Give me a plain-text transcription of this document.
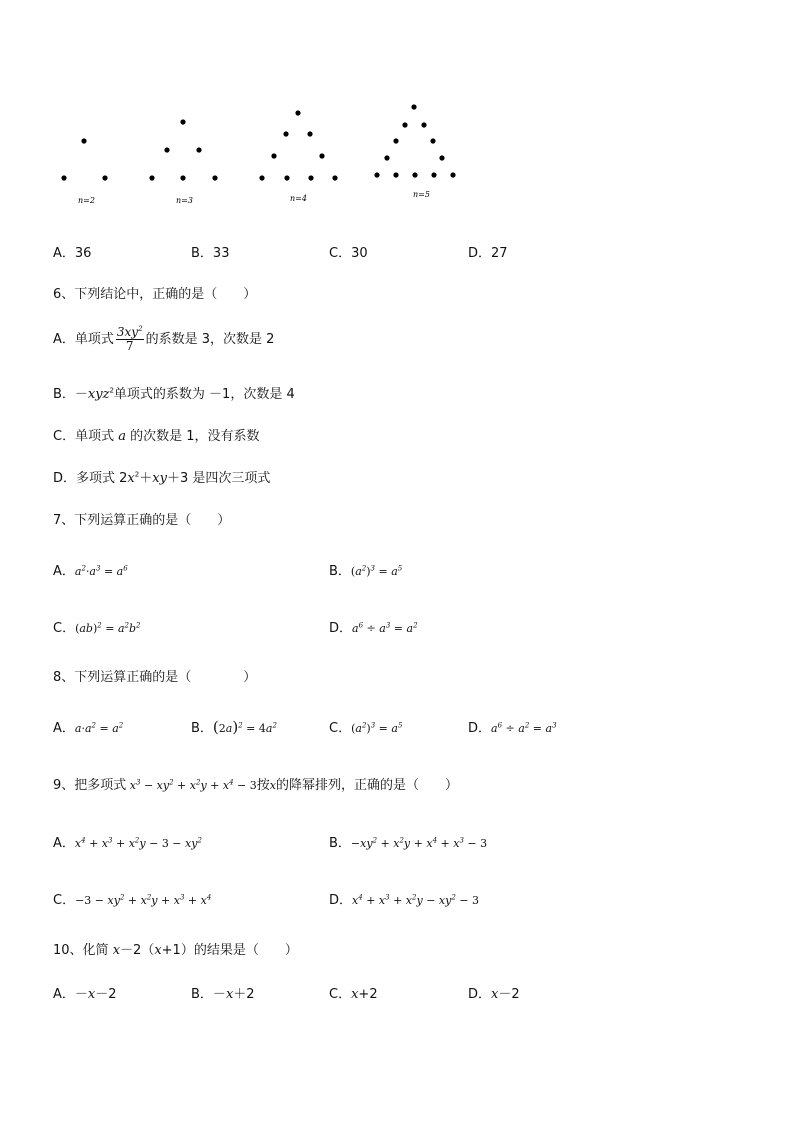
n=2	n=3	n=4	n=5
A．36	B．33	C．30	D．27
6、下列结论中，正确的是（　　）
A．单项式 $\frac{3xy^2}{7}$ 的系数是 3，次数是 2
B．－xyz$^2$单项式的系数为 －1，次数是 4
C．单项式 a 的次数是 1，没有系数
D．多项式 $2x^2+xy+3$ 是四次三项式
7、下列运算正确的是（　　）
A．$a^2\cdot a^3 = a^6$	B．$(a^2)^3 = a^5$
C．$(ab)^2 = a^2b^2$	D．$a^6 \div a^3 = a^2$
8、下列运算正确的是（　　　　）
A．$a\cdot a^2 = a^2$	B．$(2a)^2 = 4a^2$	C．$(a^2)^3 = a^5$	D．$a^6 \div a^2 = a^3$
9、把多项式 $x^3 - xy^2 + x^2y + x^4 - 3$按x的降幂排列，正确的是（　　）
A．$x^4 + x^3 + x^2y - 3 - xy^2$	B．$-xy^2 + x^2y + x^4 + x^3 - 3$
C．$-3 - xy^2 + x^2y + x^3 + x^4$	D．$x^4 + x^3 + x^2y - xy^2 - 3$
10、化简 x－2（x+1）的结果是（　　）
A．－x－2	B．－x＋2	C．x+2	D．x－2
